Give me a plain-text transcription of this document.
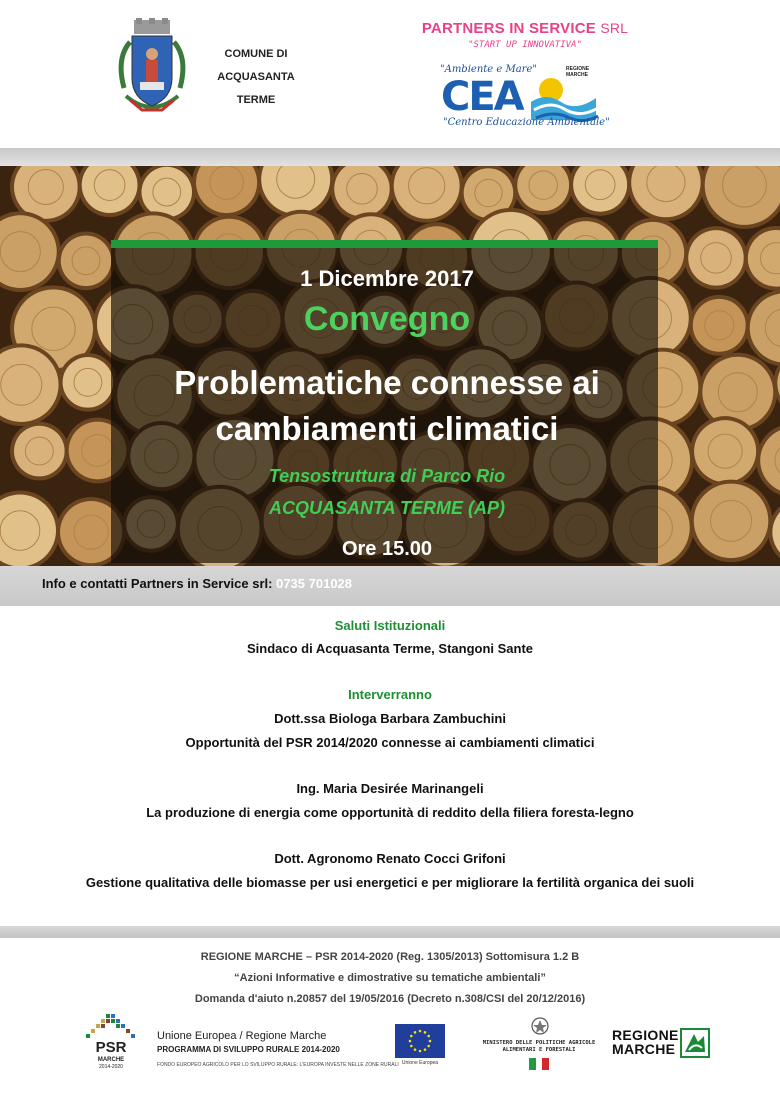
COMUNE DI
ACQUASANTA
TERME
PARTNERS IN SERVICE SRL
"START UP INNOVATIVA"
"Ambiente e Mare"
CEA
"Centro Educazione Ambientale"
REGIONE
MARCHE
1 Dicembre 2017
Convegno
Problematiche connesse ai
cambiamenti climatici
Tensostruttura di Parco Rio
ACQUASANTA TERME (AP)
Ore 15.00
Info e contatti Partners in Service srl: 0735 701028
Saluti Istituzionali
Sindaco di Acquasanta Terme, Stangoni Sante
Interverranno
Dott.ssa Biologa Barbara Zambuchini
Opportunità del PSR 2014/2020 connesse ai cambiamenti climatici
Ing. Maria Desirée Marinangeli
La produzione di energia come opportunità di reddito della filiera foresta-legno
Dott. Agronomo Renato Cocci Grifoni
Gestione qualitativa delle biomasse per usi energetici e per migliorare la fertilità organica dei suoli
REGIONE MARCHE – PSR 2014-2020 (Reg. 1305/2013) Sottomisura 1.2 B
“Azioni Informative e dimostrative su tematiche ambientali”
Domanda d'aiuto n.20857 del 19/05/2016 (Decreto n.308/CSI del 20/12/2016)
PSR
MARCHE
2014-2020
Unione Europea / Regione Marche
PROGRAMMA DI SVILUPPO RURALE 2014-2020
FONDO EUROPEO AGRICOLO PER LO SVILUPPO RURALE: L'EUROPA INVESTE NELLE ZONE RURALI Unione Europea
MINISTERO DELLE POLITICHE AGRICOLE
ALIMENTARI E FORESTALI
REGIONE
MARCHE
